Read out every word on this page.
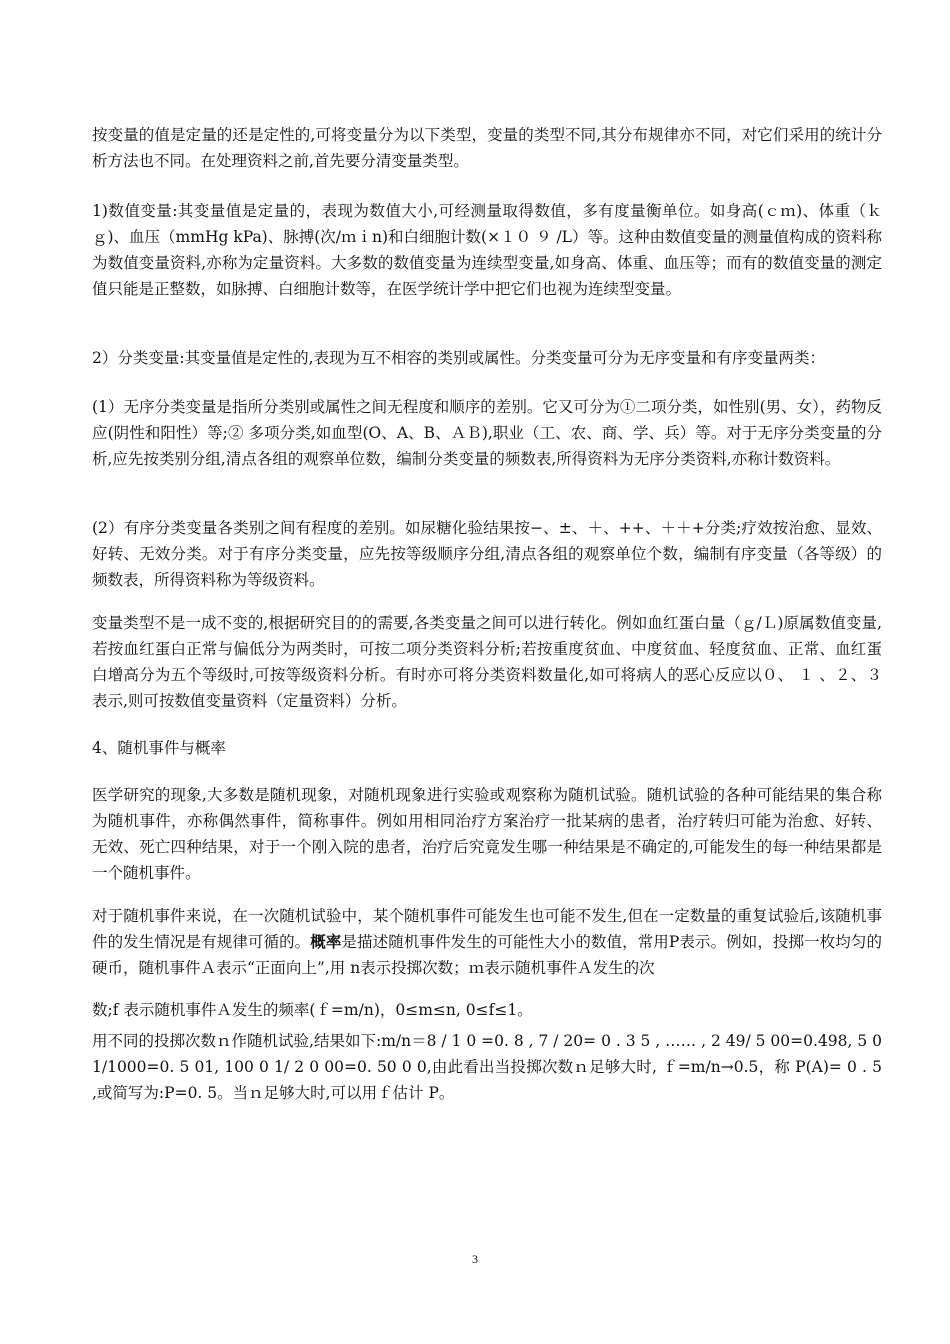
按变量的值是定量的还是定性的,可将变量分为以下类型，变量的类型不同,其分布规律亦不同，对它们采用的统计分析方法也不同。在处理资料之前,首先要分清变量类型。

1)数值变量:其变量值是定量的，表现为数值大小,可经测量取得数值，多有度量衡单位。如身高(ｃｍ)、体重（ｋｇ)、血压（mmHg kPa)、脉搏(次/ｍｉn)和白细胞计数(×１０ ９ /L）等。这种由数值变量的测量值构成的资料称为数值变量资料,亦称为定量资料。大多数的数值变量为连续型变量,如身高、体重、血压等；而有的数值变量的测定值只能是正整数，如脉搏、白细胞计数等，在医学统计学中把它们也视为连续型变量。

2）分类变量:其变量值是定性的,表现为互不相容的类别或属性。分类变量可分为无序变量和有序变量两类：

(1）无序分类变量是指所分类别或属性之间无程度和顺序的差别。它又可分为①二项分类，如性别(男、女），药物反应(阴性和阳性）等;② 多项分类,如血型(O、A、B、ＡＢ),职业（工、农、商、学、兵）等。对于无序分类变量的分析,应先按类别分组,清点各组的观察单位数，编制分类变量的频数表,所得资料为无序分类资料,亦称计数资料。

(2）有序分类变量各类别之间有程度的差别。如尿糖化验结果按−、±、＋、++、＋＋+分类;疗效按治愈、显效、好转、无效分类。对于有序分类变量，应先按等级顺序分组,清点各组的观察单位个数，编制有序变量（各等级）的频数表，所得资料称为等级资料。

变量类型不是一成不变的,根据研究目的的需要,各类变量之间可以进行转化。例如血红蛋白量（ｇ/Ｌ)原属数值变量,若按血红蛋白正常与偏低分为两类时，可按二项分类资料分析;若按重度贫血、中度贫血、轻度贫血、正常、血红蛋白增高分为五个等级时,可按等级资料分析。有时亦可将分类资料数量化,如可将病人的恶心反应以０、 １ 、２、３表示,则可按数值变量资料（定量资料）分析。

4、随机事件与概率

医学研究的现象,大多数是随机现象，对随机现象进行实验或观察称为随机试验。随机试验的各种可能结果的集合称为随机事件，亦称偶然事件，简称事件。例如用相同治疗方案治疗一批某病的患者，治疗转归可能为治愈、好转、无效、死亡四种结果，对于一个刚入院的患者，治疗后究竟发生哪一种结果是不确定的,可能发生的每一种结果都是一个随机事件。

对于随机事件来说，在一次随机试验中，某个随机事件可能发生也可能不发生,但在一定数量的重复试验后,该随机事件的发生情况是有规律可循的。概率是描述随机事件发生的可能性大小的数值，常用P表示。例如，投掷一枚均匀的硬币，随机事件Ａ表示“正面向上”,用 n表示投掷次数；ｍ表示随机事件Ａ发生的次

数;f 表示随机事件Ａ发生的频率(ｆ=m/n)，0≤m≤n, 0≤f≤1。

用不同的投掷次数ｎ作随机试验,结果如下:m/n＝8 / 1 0 =0. 8 , 7 / 20= 0 . 3 5 , …… , 2 49/ 5 00=0.498, 5 0 1/1000=0. 5 01, 100 0 1/ 2 0 00=0. 50 0 0,由此看出当投掷次数ｎ足够大时, ｆ=m/n→0.5，称 P(A)= 0 . 5 ,或简写为:P=0. 5。当ｎ足够大时,可以用ｆ估计 P。

3
